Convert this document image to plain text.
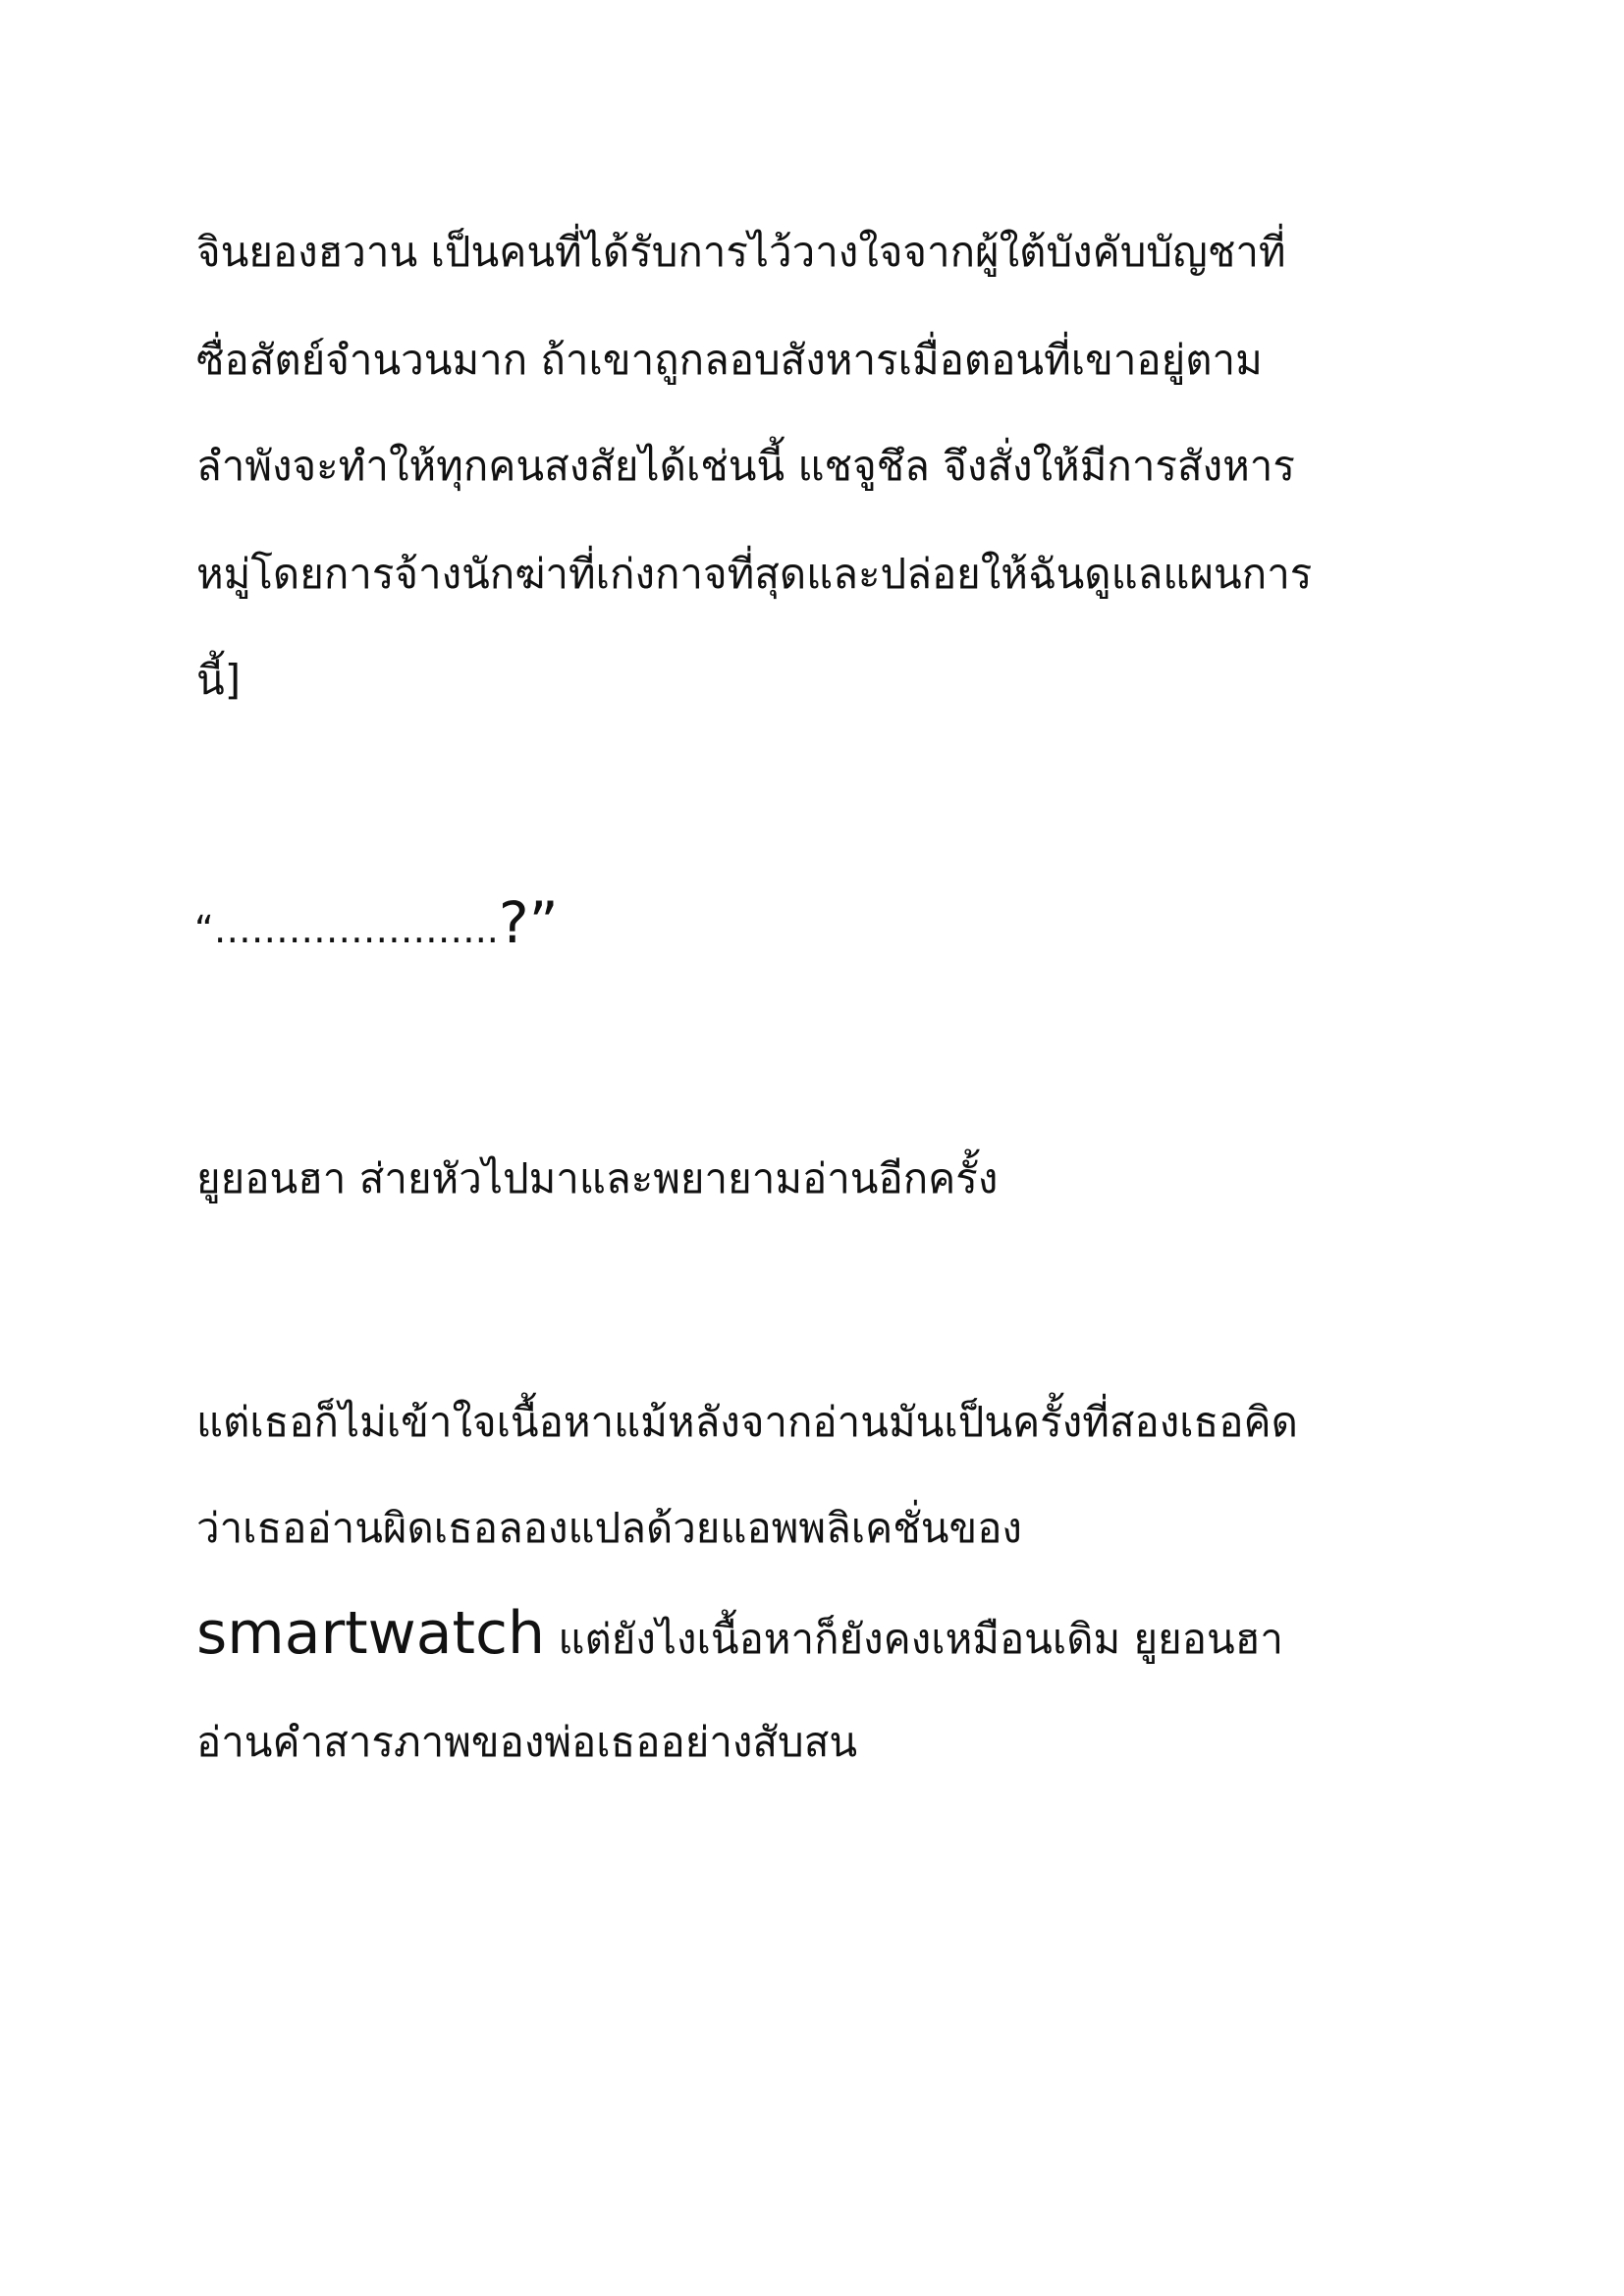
จินยองฮวาน เป็นคนที่ได้รับการไว้วางใจจากผู้ใต้บังคับบัญชาที่
ซื่อสัตย์จำนวนมาก ถ้าเขาถูกลอบสังหารเมื่อตอนที่เขาอยู่ตาม
ลำพังจะทำให้ทุกคนสงสัยได้เช่นนี้ แชจูชึล จึงสั่งให้มีการสังหาร
หมู่โดยการจ้างนักฆ่าที่เก่งกาจที่สุดและปล่อยให้ฉันดูแลแผนการ
นี้]
“…………………..?”
ยูยอนฮา ส่ายหัวไปมาและพยายามอ่านอีกครั้ง
แต่เธอก็ไม่เข้าใจเนื้อหาแม้หลังจากอ่านมันเป็นครั้งที่สองเธอคิด
ว่าเธออ่านผิดเธอลองแปลด้วยแอพพลิเคชั่นของ
smartwatch แต่ยังไงเนื้อหาก็ยังคงเหมือนเดิม ยูยอนฮา
อ่านคำสารภาพของพ่อเธออย่างสับสน
